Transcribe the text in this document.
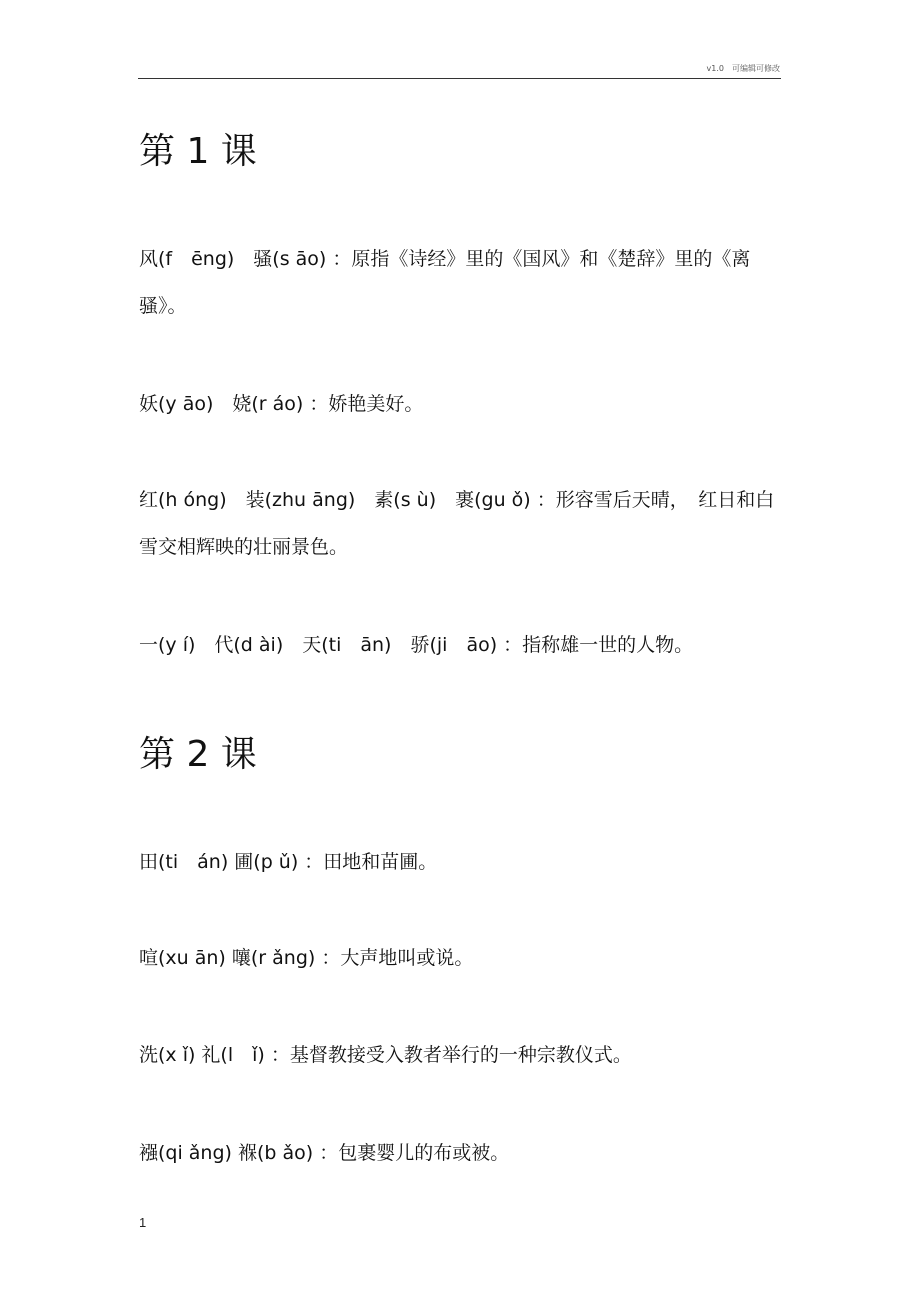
v1.0　可编辑可修改
第 1 课

风(f　ēng)　骚(s āo) ：原指《诗经》里的《国风》和《楚辞》里的《离骚》。

妖(y āo)　娆(r áo) ：娇艳美好。

红(h óng)　装(zhu āng)　素(s ù)　裹(gu ǒ) ：形容雪后天晴，　红日和白雪交相辉映的壮丽景色。

一(y í)　代(d ài)　天(ti　ān)　骄(ji　āo) ：指称雄一世的人物。

第 2 课

田(ti　án) 圃(p ǔ) ：田地和苗圃。

喧(xu ān) 嚷(r ǎng) ：大声地叫或说。

洗(x ǐ) 礼(l　ǐ) ：基督教接受入教者举行的一种宗教仪式。

襁(qi ǎng) 褓(b ǎo) ：包裹婴儿的布或被。

1
